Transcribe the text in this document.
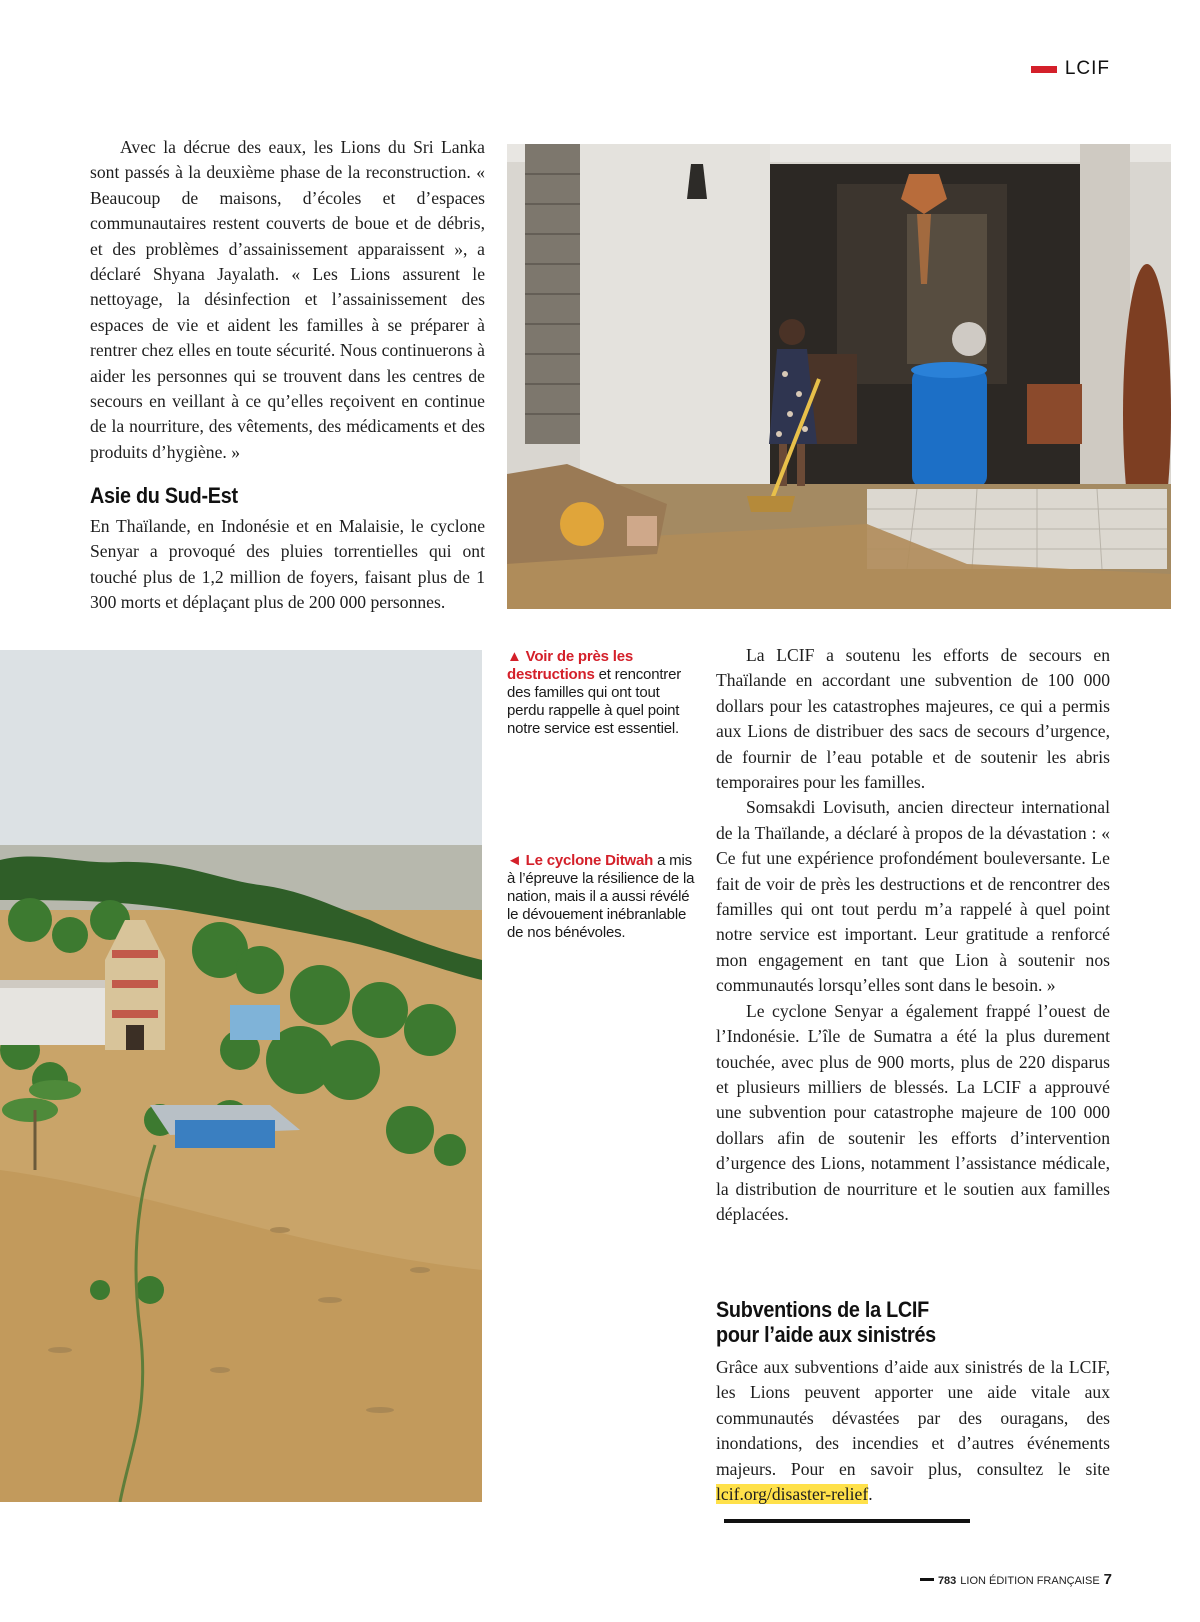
LCIF

Avec la décrue des eaux, les Lions du Sri Lanka sont passés à la deuxième phase de la reconstruction. « Beaucoup de maisons, d’écoles et d’espaces communautaires restent couverts de boue et de débris, et des problèmes d’assainissement apparaissent », a déclaré Shyana Jayalath. « Les Lions assurent le nettoyage, la désinfection et l’assainissement des espaces de vie et aident les familles à se préparer à rentrer chez elles en toute sécurité. Nous continuerons à aider les personnes qui se trouvent dans les centres de secours en veillant à ce qu’elles reçoivent en continue de la nourriture, des vêtements, des médicaments et des produits d’hygiène. »

Asie du Sud-Est

En Thaïlande, en Indonésie et en Malaisie, le cyclone Senyar a provoqué des pluies torrentielles qui ont touché plus de 1,2 million de foyers, faisant plus de 1 300 morts et déplaçant plus de 200 000 personnes.

▲ Voir de près les destructions et rencontrer des familles qui ont tout perdu rappelle à quel point notre service est essentiel.

◄ Le cyclone Ditwah a mis à l’épreuve la résilience de la nation, mais il a aussi révélé le dévouement inébranlable de nos bénévoles.

La LCIF a soutenu les efforts de secours en Thaïlande en accordant une subvention de 100 000 dollars pour les catastrophes majeures, ce qui a permis aux Lions de distribuer des sacs de secours d’urgence, de fournir de l’eau potable et de soutenir les abris temporaires pour les familles.

Somsakdi Lovisuth, ancien directeur international de la Thaïlande, a déclaré à propos de la dévastation : « Ce fut une expérience profondément bouleversante. Le fait de voir de près les destructions et de rencontrer des familles qui ont tout perdu m’a rappelé à quel point notre service est important. Leur gratitude a renforcé mon engagement en tant que Lion à soutenir nos communautés lorsqu’elles sont dans le besoin. »

Le cyclone Senyar a également frappé l’ouest de l’Indonésie. L’île de Sumatra a été la plus durement touchée, avec plus de 900 morts, plus de 220 disparus et plusieurs milliers de blessés. La LCIF a approuvé une subvention pour catastrophe majeure de 100 000 dollars afin de soutenir les efforts d’intervention d’urgence des Lions, notamment l’assistance médicale, la distribution de nourriture et le soutien aux familles déplacées.

Subventions de la LCIF
pour l’aide aux sinistrés

Grâce aux subventions d’aide aux sinistrés de la LCIF, les Lions peuvent apporter une aide vitale aux communautés dévastées par des ouragans, des inondations, des incendies et d’autres événements majeurs. Pour en savoir plus, consultez le site lcif.org/disaster-relief.

783 LION ÉDITION FRANÇAISE 7
